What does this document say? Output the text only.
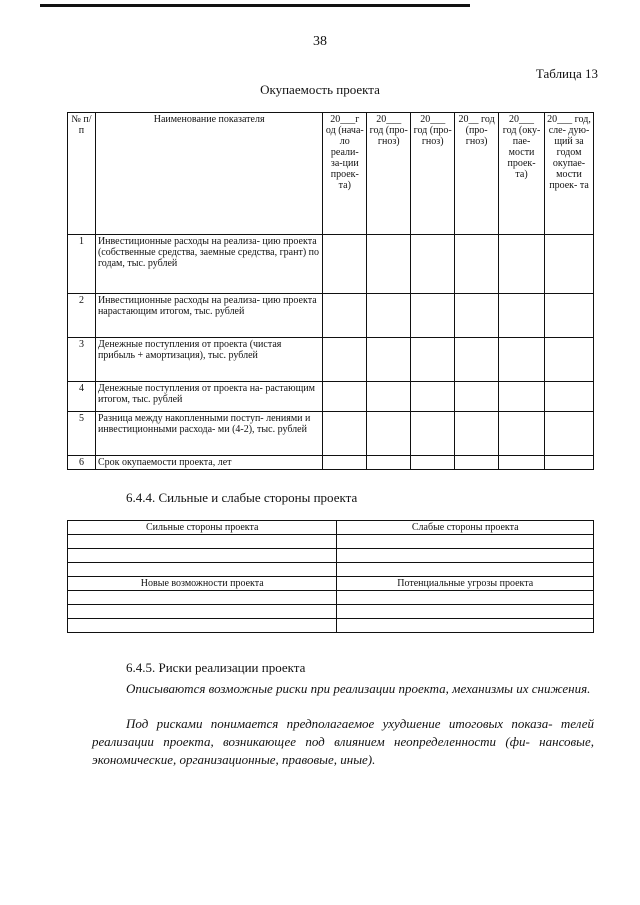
38
Таблица 13
Окупаемость проекта
№ п/п	Наименование показателя	20___г од (нача- ло реали- за-ции проек- та)	20___ год (про- гноз)	20___ год (про- гноз)	20__ год (про- гноз)	20___ год (оку- пае- мости проек- та)	20___ год, сле- дую- щий за годом окупае- мости проек- та
1	Инвестиционные расходы на реализа- цию проекта (собственные средства, заемные средства, грант) по годам, тыс. рублей						
2	Инвестиционные расходы на реализа- цию проекта нарастающим итогом, тыс. рублей						
3	Денежные поступления от проекта (чистая прибыль + амортизация), тыс. рублей						
4	Денежные поступления от проекта на- растающим итогом, тыс. рублей						
5	Разница между накопленными поступ- лениями и инвестиционными расхода- ми (4-2), тыс. рублей						
6	Срок окупаемости проекта, лет						
6.4.4. Сильные и слабые стороны проекта
Сильные стороны проекта	Слабые стороны проекта

Новые возможности проекта	Потенциальные угрозы проекта

6.4.5. Риски реализации проекта
Описываются возможные риски при реализации проекта, механизмы их снижения.
Под рисками понимается предполагаемое ухудшение итоговых показа- телей реализации проекта, возникающее под влиянием неопределенности (фи- нансовые, экономические, организационные, правовые, иные).
